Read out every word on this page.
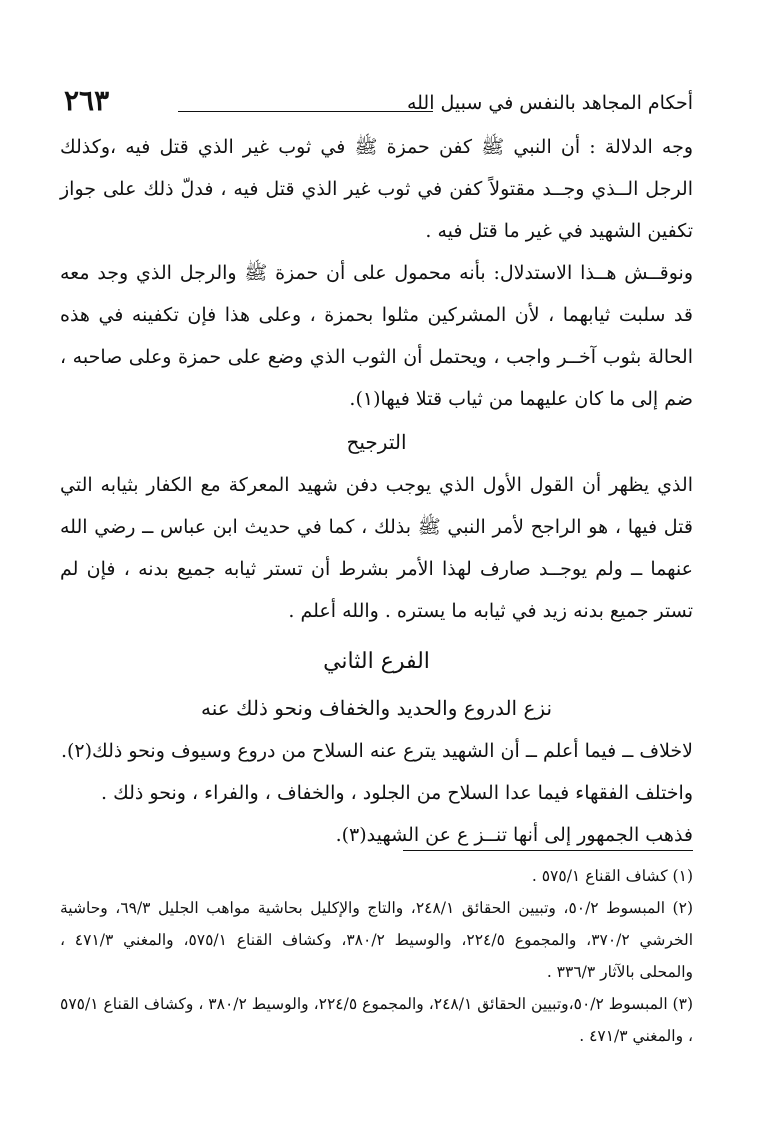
٢٦٣	أحكام المجاهد بالنفس في سبيل الله

وجه الدلالة : أن النبي ﷺ كفن حمزة ﷺ في ثوب غير الذي قتل فيه ،وكذلك الرجل الــذي وجــد مقتولاً كفن في ثوب غير الذي قتل فيه ، فدلّ ذلك على جواز تكفين الشهيد في غير ما قتل فيه .

ونوقــش هــذا الاستدلال: بأنه محمول على أن حمزة ﷺ والرجل الذي وجد معه قد سلبت ثيابهما ، لأن المشركين مثلوا بحمزة ، وعلى هذا فإن تكفينه في هذه الحالة بثوب آخــر واجب ، ويحتمل أن الثوب الذي وضع على حمزة وعلى صاحبه ، ضم إلى ما كان عليهما من ثياب قتلا فيها(١).

الترجيح

الذي يظهر أن القول الأول الذي يوجب دفن شهيد المعركة مع الكفار بثيابه التي قتل فيها ، هو الراجح لأمر النبي ﷺ بذلك ، كما في حديث ابن عباس ــ رضي الله عنهما ــ ولم يوجــد صارف لهذا الأمر بشرط أن تستر ثيابه جميع بدنه ، فإن لم تستر جميع بدنه زيد في ثيابه ما يستره . والله أعلم .

الفرع الثاني

نزع الدروع والحديد والخفاف ونحو ذلك عنه

لاخلاف ــ فيما أعلم ــ أن الشهيد يترع عنه السلاح من دروع وسيوف ونحو ذلك(٢).

واختلف الفقهاء فيما عدا السلاح من الجلود ، والخفاف ، والفراء ، ونحو ذلك .

فذهب الجمهور إلى أنها تنــز ع عن الشهيد(٣).

(١) كشاف القناع ٥٧٥/١ .

(٢) المبسوط ٥٠/٢، وتبيين الحقائق ٢٤٨/١، والتاج والإكليل بحاشية مواهب الجليل ٦٩/٣، وحاشية الخرشي ٣٧٠/٢، والمجموع ٢٢٤/٥، والوسيط ٣٨٠/٢، وكشاف القناع ٥٧٥/١، والمغني ٤٧١/٣ ، والمحلى بالآثار ٣٣٦/٣ .

(٣) المبسوط ٥٠/٢،وتبيين الحقائق ٢٤٨/١، والمجموع ٢٢٤/٥، والوسيط ٣٨٠/٢ ، وكشاف القناع ٥٧٥/١ ، والمغني ٤٧١/٣ .
